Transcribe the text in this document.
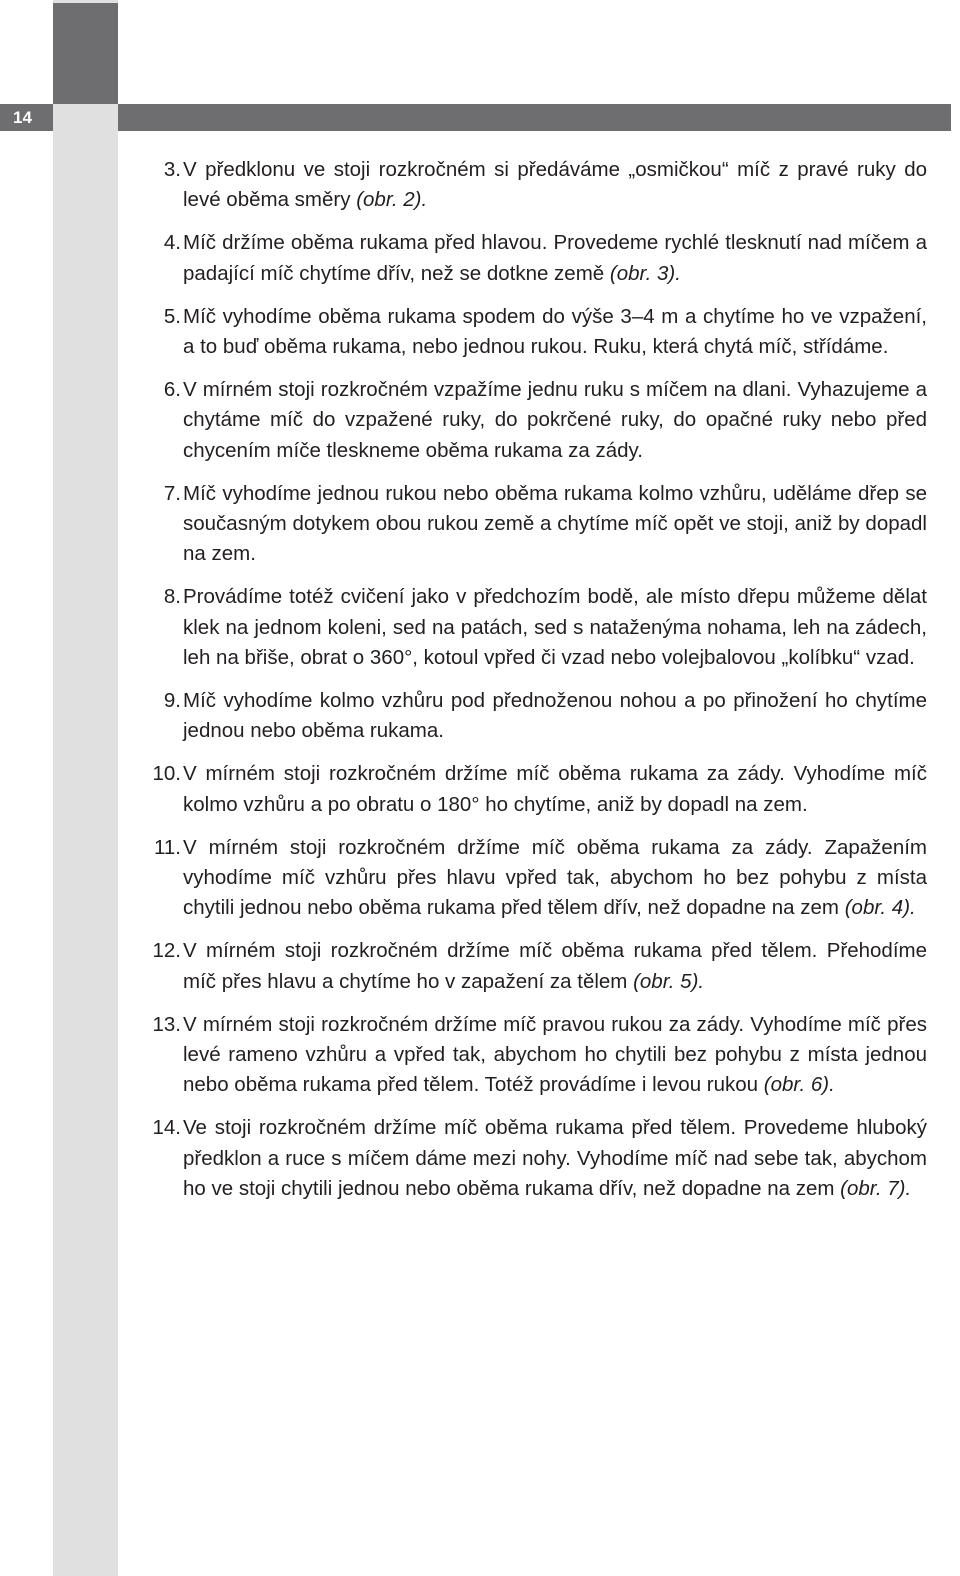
14
3. V předklonu ve stoji rozkročném si předáváme „osmičkou“ míč z pravé ruky do levé oběma směry (obr. 2).
4. Míč držíme oběma rukama před hlavou. Provedeme rychlé tlesknutí nad míčem a padající míč chytíme dřív, než se dotkne země (obr. 3).
5. Míč vyhodíme oběma rukama spodem do výše 3–4 m a chytíme ho ve vzpažení, a to buď oběma rukama, nebo jednou rukou. Ruku, která chytá míč, střídáme.
6. V mírném stoji rozkročném vzpažíme jednu ruku s míčem na dlani. Vyhazujeme a chytáme míč do vzpažené ruky, do pokrčené ruky, do opačné ruky nebo před chycením míče tleskneme oběma rukama za zády.
7. Míč vyhodíme jednou rukou nebo oběma rukama kolmo vzhůru, uděláme dřep se současným dotykem obou rukou země a chytíme míč opět ve stoji, aniž by dopadl na zem.
8. Provádíme totéž cvičení jako v předchozím bodě, ale místo dřepu můžeme dělat klek na jednom koleni, sed na patách, sed s nataženýma nohama, leh na zádech, leh na břiše, obrat o 360°, kotoul vpřed či vzad nebo volejbalovou „kolíbku“ vzad.
9. Míč vyhodíme kolmo vzhůru pod přednoženou nohou a po přinožení ho chytíme jednou nebo oběma rukama.
10. V mírném stoji rozkročném držíme míč oběma rukama za zády. Vyhodíme míč kolmo vzhůru a po obratu o 180° ho chytíme, aniž by dopadl na zem.
11. V mírném stoji rozkročném držíme míč oběma rukama za zády. Zapažením vyhodíme míč vzhůru přes hlavu vpřed tak, abychom ho bez pohybu z místa chytili jednou nebo oběma rukama před tělem dřív, než dopadne na zem (obr. 4).
12. V mírném stoji rozkročném držíme míč oběma rukama před tělem. Přehodíme míč přes hlavu a chytíme ho v zapažení za tělem (obr. 5).
13. V mírném stoji rozkročném držíme míč pravou rukou za zády. Vyhodíme míč přes levé rameno vzhůru a vpřed tak, abychom ho chytili bez pohybu z místa jednou nebo oběma rukama před tělem. Totéž provádíme i levou rukou (obr. 6).
14. Ve stoji rozkročném držíme míč oběma rukama před tělem. Provedeme hluboký předklon a ruce s míčem dáme mezi nohy. Vyhodíme míč nad sebe tak, abychom ho ve stoji chytili jednou nebo oběma rukama dřív, než dopadne na zem (obr. 7).
